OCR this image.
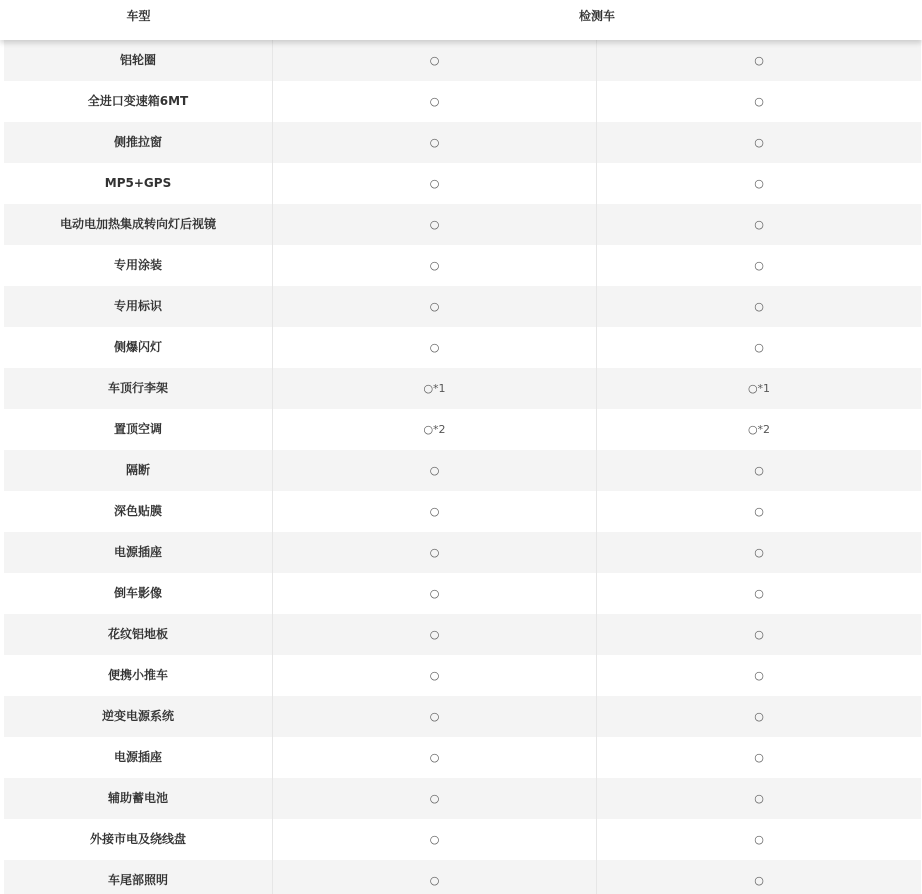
车型	检测车
铝轮圈	○	○
全进口变速箱6MT	○	○
侧推拉窗	○	○
MP5+GPS	○	○
电动电加热集成转向灯后视镜	○	○
专用涂装	○	○
专用标识	○	○
侧爆闪灯	○	○
车顶行李架	○*1	○*1
置顶空调	○*2	○*2
隔断	○	○
深色贴膜	○	○
电源插座	○	○
倒车影像	○	○
花纹铝地板	○	○
便携小推车	○	○
逆变电源系统	○	○
电源插座	○	○
辅助蓄电池	○	○
外接市电及绕线盘	○	○
车尾部照明	○	○
